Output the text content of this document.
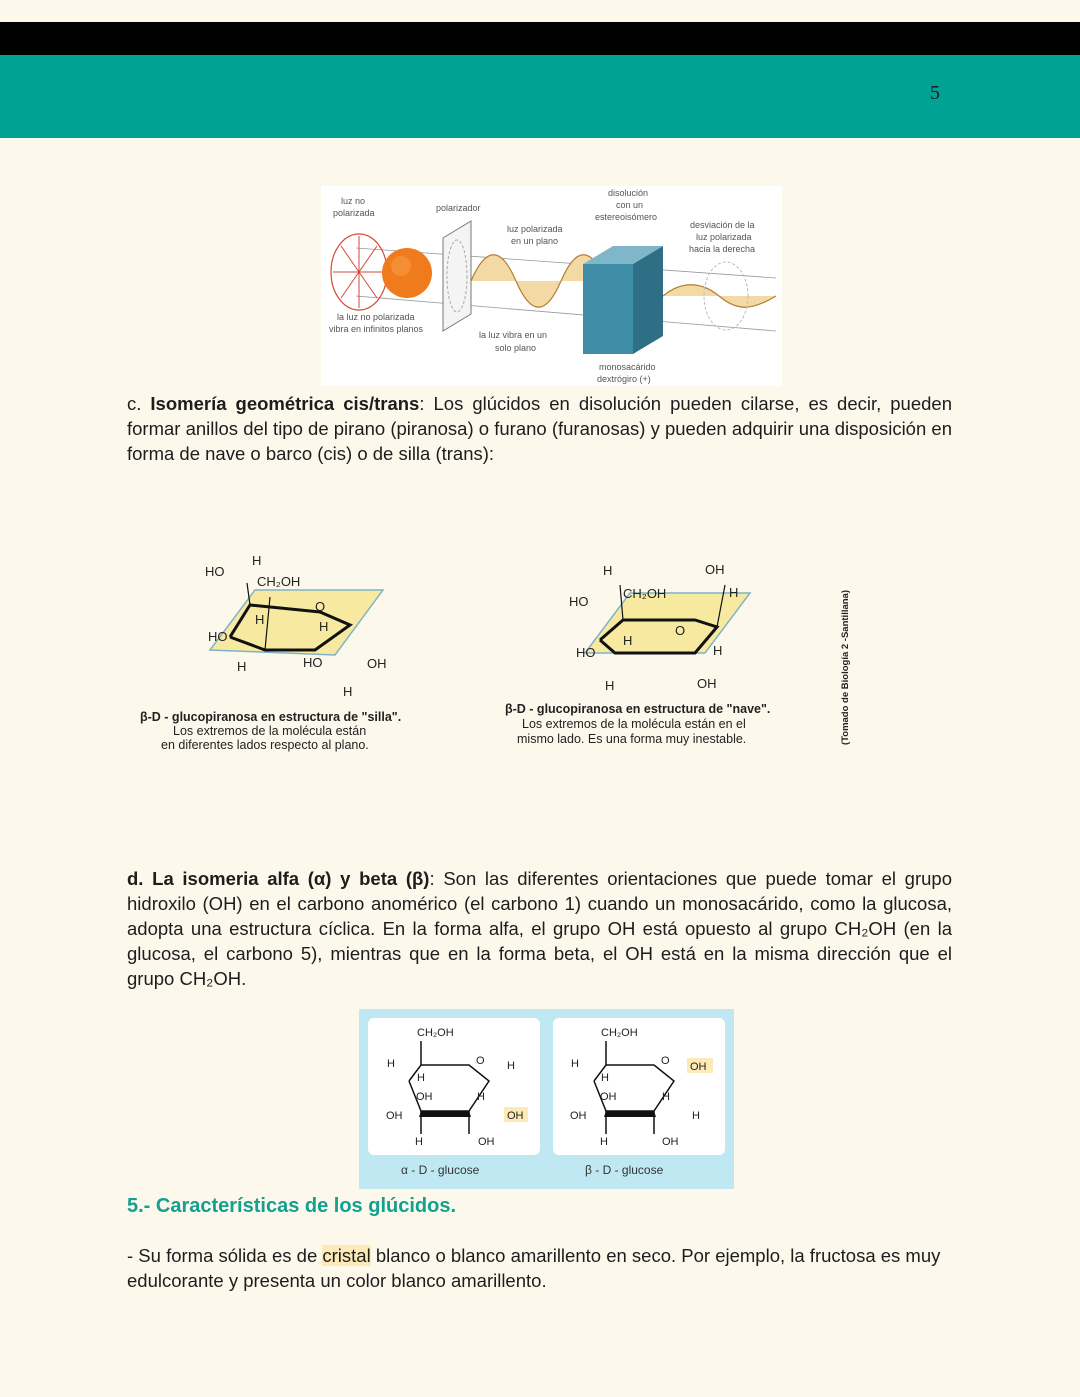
5
luz no
polarizada	polarizador
disolución
con un
estereoisómero
luz polarizada
en un plano
desviación de la
luz polarizada
hacia la derecha
la luz no polarizada
vibra en infinitos planos
la luz vibra en un
solo plano
monosacárido
dextrógiro (+)
c. Isomería geométrica cis/trans: Los glúcidos en disolución pueden cilarse, es decir, pueden formar anillos del tipo de pirano (piranosa) o furano (furanosas) y pueden adquirir una disposición en forma de nave o barco (cis) o de silla (trans):
HO
H
CH₂OH
O
H	H
HO
H	HO	OH
H
β-D - glucopiranosa en estructura de "silla".
Los extremos de la molécula están
en diferentes lados respecto al plano.
H
HO
CH₂OH
OH
H
O
H
H
HO
H	OH
β-D - glucopiranosa en estructura de "nave".
Los extremos de la molécula están en el
mismo lado. Es una forma muy inestable.	(Tomado de Biología 2 -Santillana)
d. La isomeria alfa (α) y beta (β): Son las diferentes orientaciones que puede tomar el grupo hidroxilo (OH) en el carbono anomérico (el carbono 1) cuando un monosacárido, como la glucosa, adopta una estructura cíclica. En la forma alfa, el grupo OH está opuesto al grupo CH₂OH (en la glucosa, el carbono 5), mientras que en la forma beta, el OH está en la misma dirección que el grupo CH₂OH.
CH₂OH
O
H
H
H
OH	H
OH	OH
H	OH
α - D - glucose
CH₂OH
O
H
H
OH
OH	H
OH	H
H	OH
β - D - glucose
5.- Características de los glúcidos.
- Su forma sólida es de cristal blanco o blanco amarillento en seco. Por ejemplo, la fructosa es muy edulcorante y presenta un color blanco amarillento.
